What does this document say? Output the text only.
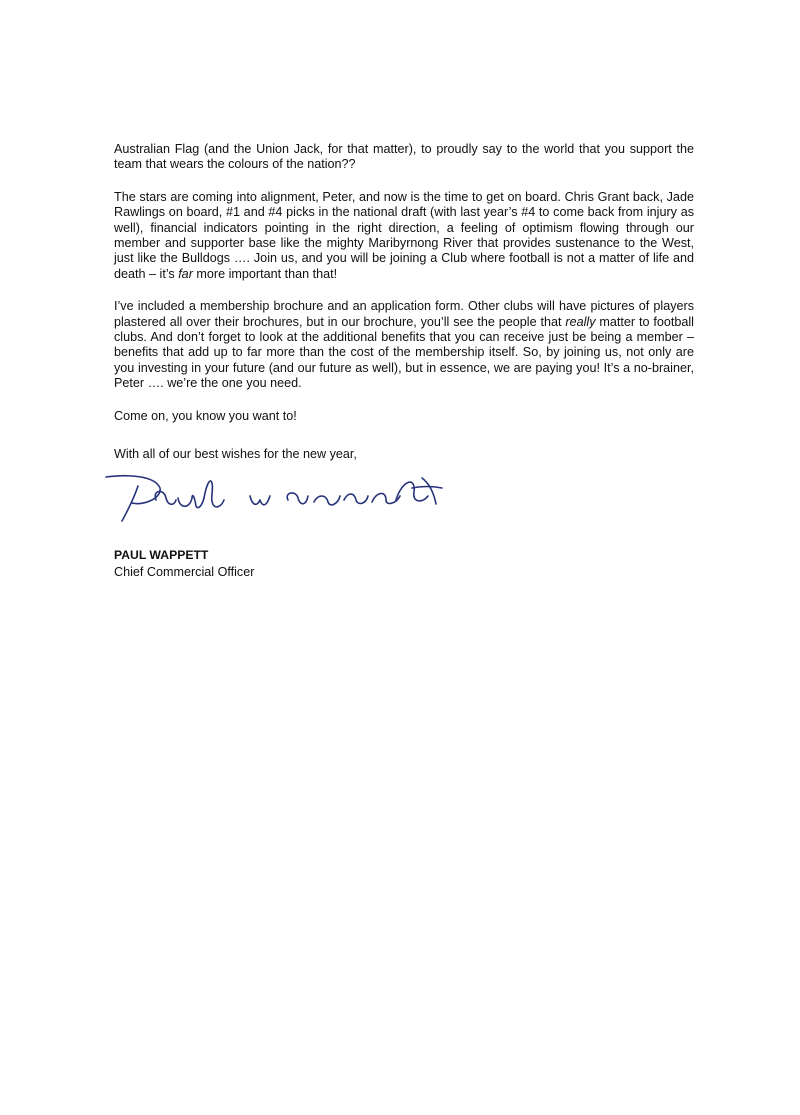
Australian Flag (and the Union Jack, for that matter), to proudly say to the world that you support the team that wears the colours of the nation??

The stars are coming into alignment, Peter, and now is the time to get on board. Chris Grant back, Jade Rawlings on board, #1 and #4 picks in the national draft (with last year’s #4 to come back from injury as well), financial indicators pointing in the right direction, a feeling of optimism flowing through our member and supporter base like the mighty Maribyrnong River that provides sustenance to the West, just like the Bulldogs …. Join us, and you will be joining a Club where football is not a matter of life and death – it’s far more important than that!

I’ve included a membership brochure and an application form. Other clubs will have pictures of players plastered all over their brochures, but in our brochure, you’ll see the people that really matter to football clubs. And don’t forget to look at the additional benefits that you can receive just be being a member – benefits that add up to far more than the cost of the membership itself. So, by joining us, not only are you investing in your future (and our future as well), but in essence, we are paying you! It’s a no-brainer, Peter …. we’re the one you need.

Come on, you know you want to!

With all of our best wishes for the new year,

PAUL WAPPETT

Chief Commercial Officer
